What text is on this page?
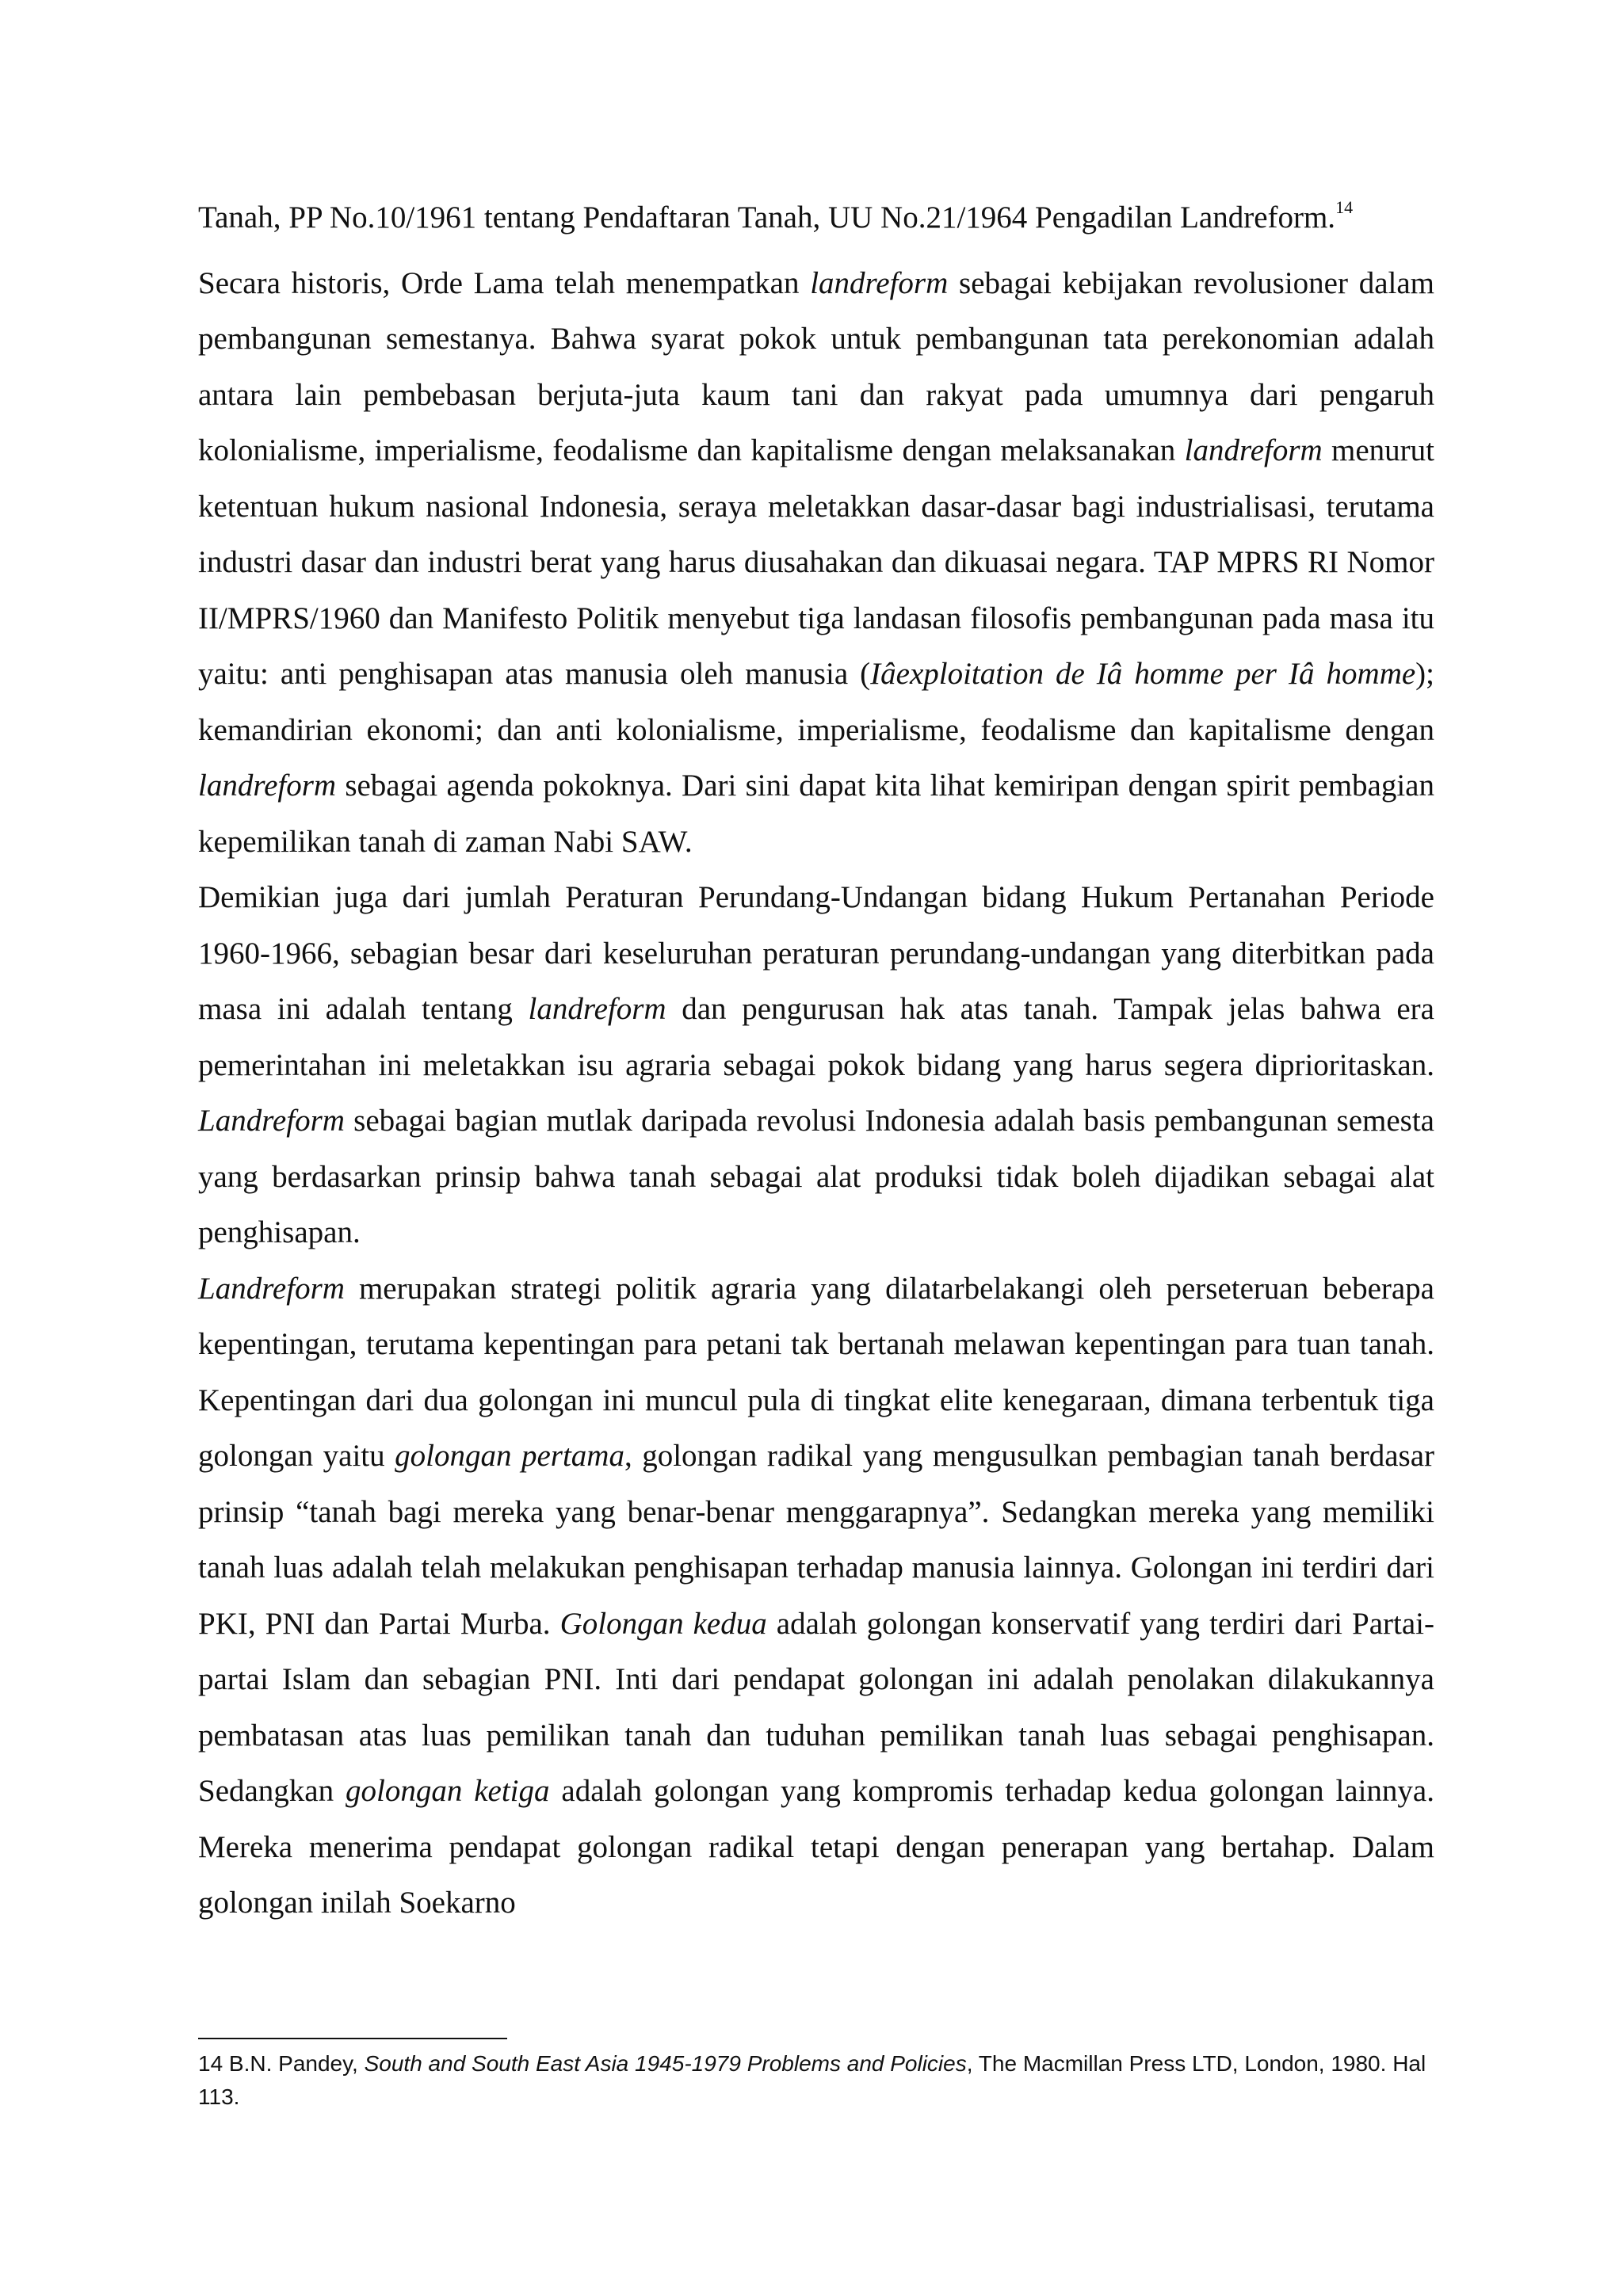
Tanah, PP No.10/1961 tentang Pendaftaran Tanah, UU No.21/1964 Pengadilan Landreform.$^{14}$

Secara historis, Orde Lama telah menempatkan landreform sebagai kebijakan revolusioner dalam pembangunan semestanya. Bahwa syarat pokok untuk pembangunan tata perekonomian adalah antara lain pembebasan berjuta-juta kaum tani dan rakyat pada umumnya dari pengaruh kolonialisme, imperialisme, feodalisme dan kapitalisme dengan melaksanakan landreform menurut ketentuan hukum nasional Indonesia, seraya meletakkan dasar-dasar bagi industrialisasi, terutama industri dasar dan industri berat yang harus diusahakan dan dikuasai negara. TAP MPRS RI Nomor II/MPRS/1960 dan Manifesto Politik menyebut tiga landasan filosofis pembangunan pada masa itu yaitu: anti penghisapan atas manusia oleh manusia (Iâexploitation de Iâ homme per Iâ homme); kemandirian ekonomi; dan anti kolonialisme, imperialisme, feodalisme dan kapitalisme dengan landreform sebagai agenda pokoknya. Dari sini dapat kita lihat kemiripan dengan spirit pembagian kepemilikan tanah di zaman Nabi SAW.

Demikian juga dari jumlah Peraturan Perundang-Undangan bidang Hukum Pertanahan Periode 1960-1966, sebagian besar dari keseluruhan peraturan perundang-undangan yang diterbitkan pada masa ini adalah tentang landreform dan pengurusan hak atas tanah. Tampak jelas bahwa era pemerintahan ini meletakkan isu agraria sebagai pokok bidang yang harus segera diprioritaskan. Landreform sebagai bagian mutlak daripada revolusi Indonesia adalah basis pembangunan semesta yang berdasarkan prinsip bahwa tanah sebagai alat produksi tidak boleh dijadikan sebagai alat penghisapan.

Landreform merupakan strategi politik agraria yang dilatarbelakangi oleh perseteruan beberapa kepentingan, terutama kepentingan para petani tak bertanah melawan kepentingan para tuan tanah. Kepentingan dari dua golongan ini muncul pula di tingkat elite kenegaraan, dimana terbentuk tiga golongan yaitu golongan pertama, golongan radikal yang mengusulkan pembagian tanah berdasar prinsip “tanah bagi mereka yang benar-benar menggarapnya”. Sedangkan mereka yang memiliki tanah luas adalah telah melakukan penghisapan terhadap manusia lainnya. Golongan ini terdiri dari PKI, PNI dan Partai Murba. Golongan kedua adalah golongan konservatif yang terdiri dari Partai-partai Islam dan sebagian PNI. Inti dari pendapat golongan ini adalah penolakan dilakukannya pembatasan atas luas pemilikan tanah dan tuduhan pemilikan tanah luas sebagai penghisapan. Sedangkan golongan ketiga adalah golongan yang kompromis terhadap kedua golongan lainnya. Mereka menerima pendapat golongan radikal tetapi dengan penerapan yang bertahap. Dalam golongan inilah Soekarno

14 B.N. Pandey, South and South East Asia 1945-1979 Problems and Policies, The Macmillan Press LTD, London, 1980. Hal 113.
